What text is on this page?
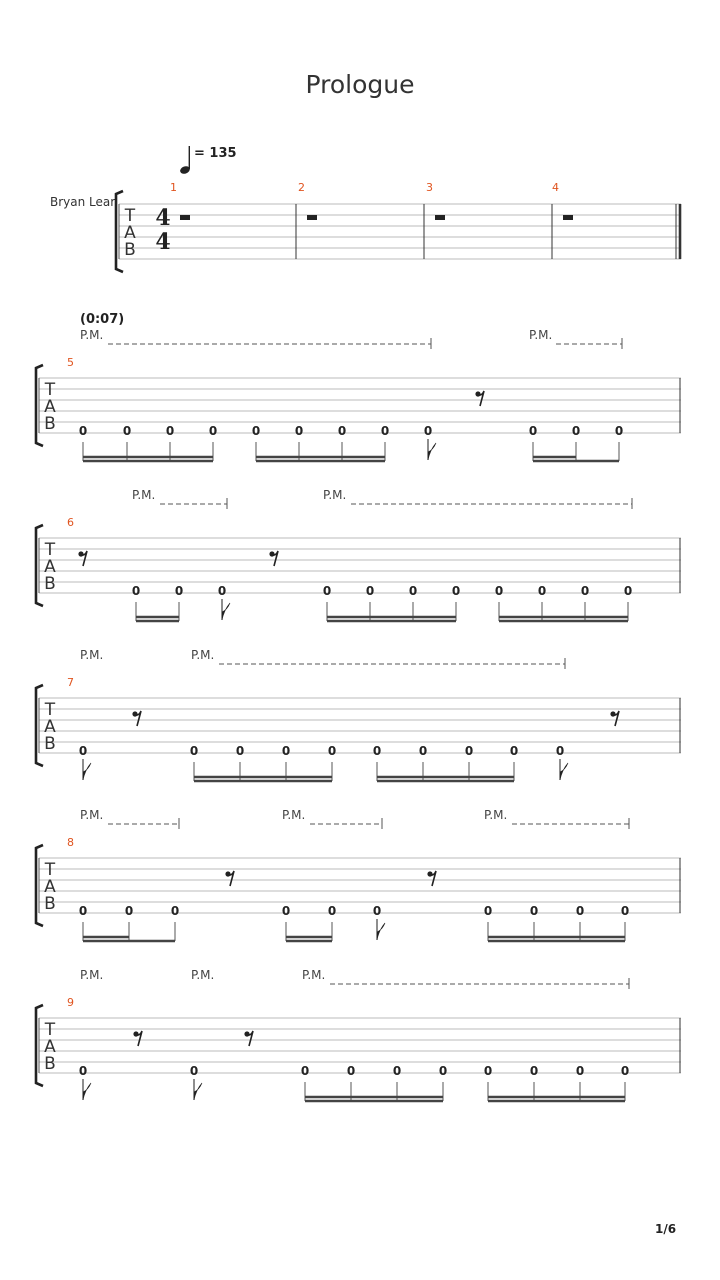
Prologue
= 135
Bryan Lear
(0:07)
1/6
T
A
B
4
4
1	2	3	4
T
A
B
5
P.M.	P.M.
0	0	0	0	0	0	0	0	0	0	0	0
T
A
B
6
P.M.	P.M.
0	0	0	0	0	0	0	0	0	0	0
T
A
B
7
P.M.	P.M.
0	0	0	0	0	0	0	0	0	0
T
A
B
8
P.M.	P.M.	P.M.
0	0	0	0	0	0	0	0	0	0
T
A
B
9
P.M.	P.M.	P.M.
0	0	0	0	0	0	0	0	0	0
